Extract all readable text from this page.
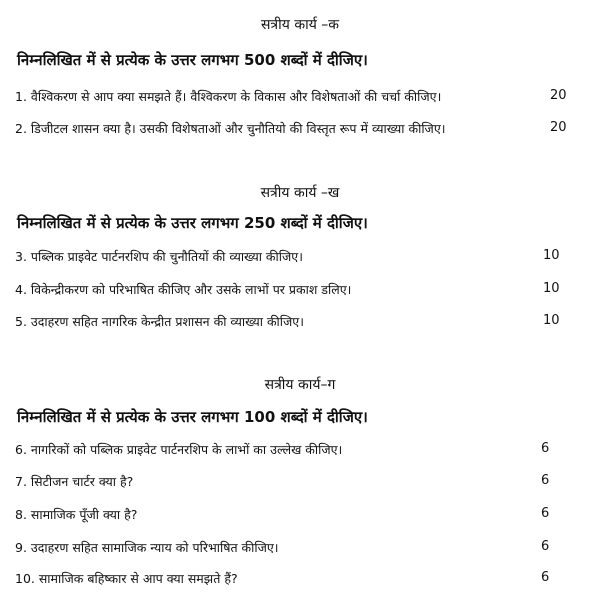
सत्रीय कार्य –क
निम्नलिखित में से प्रत्येक के उत्तर लगभग 500 शब्दों में दीजिए।
1. वैश्विकरण से आप क्या समझते हैं। वैश्विकरण के विकास और विशेषताओं की चर्चा कीजिए।	20
2. डिजीटल शासन क्या है। उसकी विशेषताओं और चुनौतियो की विस्तृत रूप में व्याख्या कीजिए।	20
सत्रीय कार्य –ख
निम्नलिखित में से प्रत्येक के उत्तर लगभग 250 शब्दों में दीजिए।
3. पब्लिक प्राइवेट पार्टनरशिप की चुनौतियों की व्याख्या कीजिए।	10
4. विकेन्द्रीकरण को परिभाषित कीजिए और उसके लाभों पर प्रकाश डलिए।	10
5. उदाहरण सहित नागरिक केन्द्रीत प्रशासन की व्याख्या कीजिए।	10
सत्रीय कार्य–ग
निम्नलिखित में से प्रत्येक के उत्तर लगभग 100 शब्दों में दीजिए।
6. नागरिकों को पब्लिक प्राइवेट पार्टनरशिप के लाभों का उल्लेख कीजिए।	6
7. सिटीजन चार्टर क्या है?	6
8. सामाजिक पूँजी क्या है?	6
9. उदाहरण सहित सामाजिक न्याय को परिभाषित कीजिए।	6
10. सामाजिक बहिष्कार से आप क्या समझते हैं?	6
